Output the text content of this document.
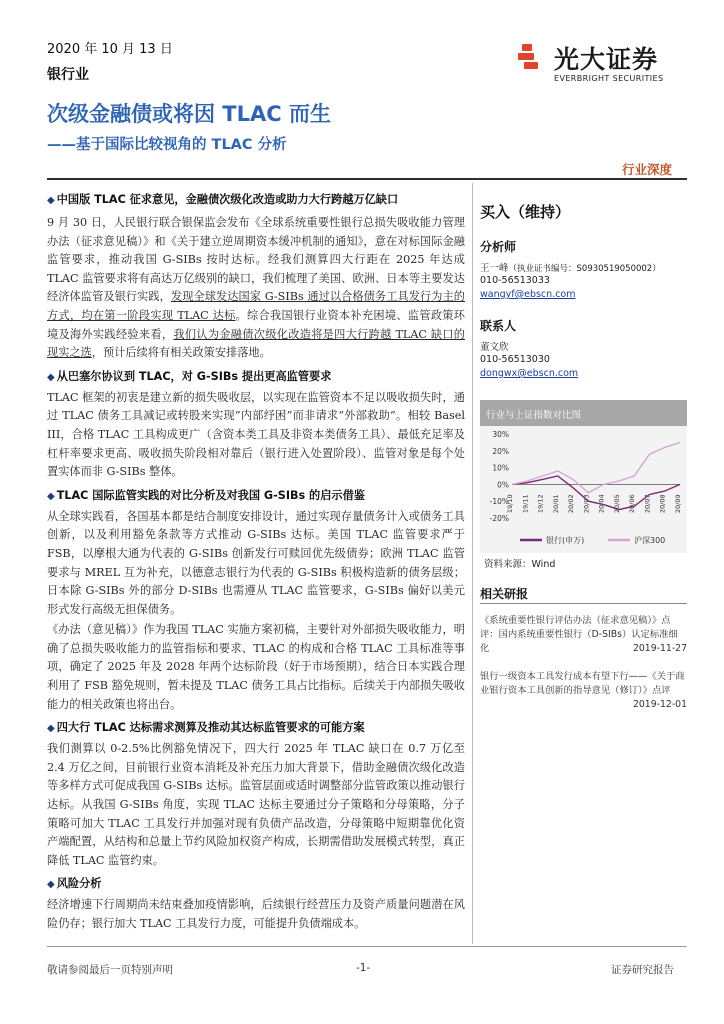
2020 年 10 月 13 日
银行业
光大证券
EVERBRIGHT SECURITIES
次级金融债或将因 TLAC 而生
——基于国际比较视角的 TLAC 分析
行业深度
◆ 中国版 TLAC 征求意见，金融债次级化改造或助力大行跨越万亿缺口
9 月 30 日，人民银行联合银保监会发布《全球系统重要性银行总损失吸收能力管理办法（征求意见稿）》和《关于建立逆周期资本缓冲机制的通知》，意在对标国际金融监管要求，推动我国 G-SIBs 按时达标。经我们测算四大行距在 2025 年达成 TLAC 监管要求将有高达万亿级别的缺口，我们梳理了美国、欧洲、日本等主要发达经济体监管及银行实践，发现全球发达国家 G-SIBs 通过以合格债务工具发行为主的方式，均在第一阶段实现 TLAC 达标。综合我国银行业资本补充困境、监管政策环境及海外实践经验来看，我们认为金融债次级化改造将是四大行跨越 TLAC 缺口的现实之选，预计后续将有相关政策安排落地。
◆ 从巴塞尔协议到 TLAC，对 G-SIBs 提出更高监管要求
TLAC 框架的初衷是建立新的损失吸收层，以实现在监管资本不足以吸收损失时，通过 TLAC 债务工具减记或转股来实现“内部纾困”而非请求“外部救助”。相较 Basel III，合格 TLAC 工具构成更广（含资本类工具及非资本类债务工具）、最低充足率及杠杆率要求更高、吸收损失阶段相对靠后（银行进入处置阶段）、监管对象是每个处置实体而非 G-SIBs 整体。
◆ TLAC 国际监管实践的对比分析及对我国 G-SIBs 的启示借鉴
从全球实践看，各国基本都是结合制度安排设计，通过实现存量债务计入或债务工具创新，以及利用豁免条款等方式推动 G-SIBs 达标。美国 TLAC 监管要求严于 FSB，以摩根大通为代表的 G-SIBs 创新发行可赎回优先级债券；欧洲 TLAC 监管要求与 MREL 互为补充，以德意志银行为代表的 G-SIBs 积极构造新的债务层级；日本除 G-SIBs 外的部分 D-SIBs 也需遵从 TLAC 监管要求，G-SIBs 偏好以美元形式发行高级无担保债务。
《办法（意见稿）》作为我国 TLAC 实施方案初稿，主要针对外部损失吸收能力，明确了总损失吸收能力的监管指标和要求、TLAC 的构成和合格 TLAC 工具标准等事项，确定了 2025 年及 2028 年两个达标阶段（好于市场预期），结合日本实践合理利用了 FSB 豁免规则，暂未提及 TLAC 债务工具占比指标。后续关于内部损失吸收能力的相关政策也将出台。
◆ 四大行 TLAC 达标需求测算及推动其达标监管要求的可能方案
我们测算以 0-2.5%比例豁免情况下，四大行 2025 年 TLAC 缺口在 0.7 万亿至 2.4 万亿之间，目前银行业资本消耗及补充压力加大背景下，借助金融债次级化改造等多样方式可促成我国 G-SIBs 达标。监管层面或适时调整部分监管政策以推动银行达标。从我国 G-SIBs 角度，实现 TLAC 达标主要通过分子策略和分母策略，分子策略可加大 TLAC 工具发行并加强对现有负债产品改造，分母策略中短期靠优化资产端配置，从结构和总量上节约风险加权资产构成，长期需借助发展模式转型，真正降低 TLAC 监管约束。
◆ 风险分析
经济增速下行周期尚未结束叠加疫情影响，后续银行经营压力及资产质量问题潜在风险仍存；银行加大 TLAC 工具发行力度，可能提升负债端成本。
买入（维持）
分析师
王一峰（执业证书编号：S0930519050002）
010-56513033
wangyf@ebscn.com
联系人
董文欣
010-56513030
dongwx@ebscn.com
行业与上证指数对比图
30%
20%
10%
0%
-10%
-20%
19/10 19/11 19/12 20/01 20/02 20/03 20/04 20/05 20/06 20/07 20/08 20/09
银行(申万)	沪深300
资料来源：Wind
相关研报
《系统重要性银行评估办法（征求意见稿）》点评：国内系统重要性银行（D-SIBs）认定标准细化	2019-11-27
银行一级资本工具发行成本有望下行——《关于商业银行资本工具创新的指导意见（修订）》点评
2019-12-01
敬请参阅最后一页特别声明	-1-	证券研究报告
